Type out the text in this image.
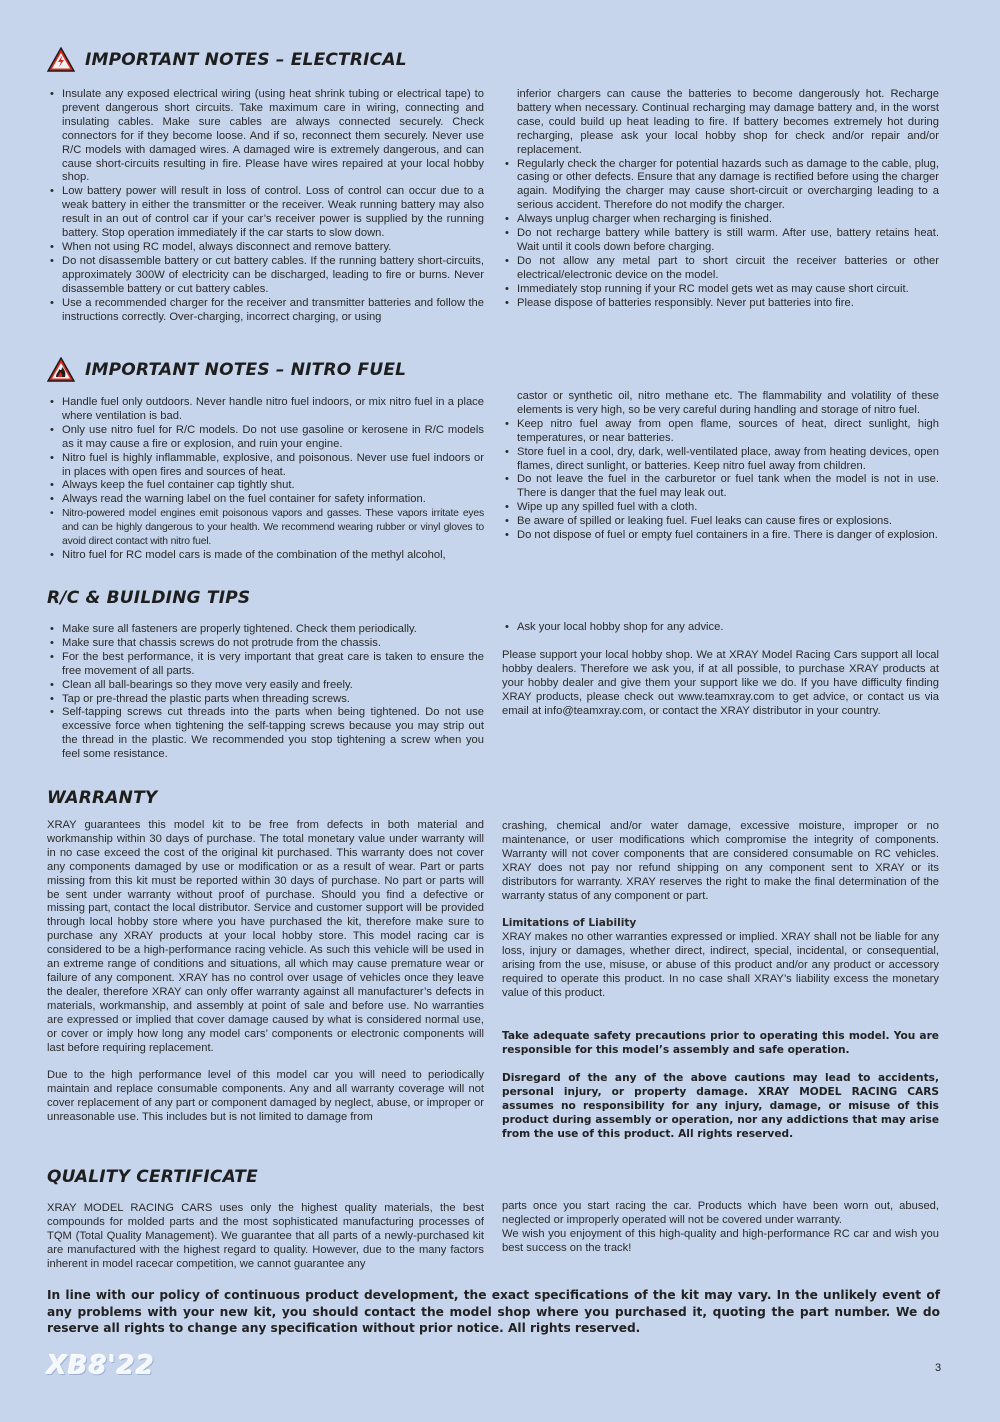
IMPORTANT NOTES – ELECTRICAL
• Insulate any exposed electrical wiring (using heat shrink tubing or electrical tape) to prevent dangerous short circuits. Take maximum care in wiring, connecting and insulating cables. Make sure cables are always connected securely. Check connectors for if they become loose. And if so, reconnect them securely. Never use R/C models with damaged wires. A damaged wire is extremely dangerous, and can cause short-circuits resulting in fire. Please have wires repaired at your local hobby shop.
• Low battery power will result in loss of control. Loss of control can occur due to a weak battery in either the transmitter or the receiver. Weak running battery may also result in an out of control car if your car’s receiver power is supplied by the running battery. Stop operation immediately if the car starts to slow down.
• When not using RC model, always disconnect and remove battery.
• Do not disassemble battery or cut battery cables. If the running battery short-circuits, approximately 300W of electricity can be discharged, leading to fire or burns. Never disassemble battery or cut battery cables.
• Use a recommended charger for the receiver and transmitter batteries and follow the instructions correctly. Over-charging, incorrect charging, or using
inferior chargers can cause the batteries to become dangerously hot. Recharge battery when necessary. Continual recharging may damage battery and, in the worst case, could build up heat leading to fire. If battery becomes extremely hot during recharging, please ask your local hobby shop for check and/or repair and/or replacement.
• Regularly check the charger for potential hazards such as damage to the cable, plug, casing or other defects. Ensure that any damage is rectified before using the charger again. Modifying the charger may cause short-circuit or overcharging leading to a serious accident. Therefore do not modify the charger.
• Always unplug charger when recharging is finished.
• Do not recharge battery while battery is still warm. After use, battery retains heat. Wait until it cools down before charging.
• Do not allow any metal part to short circuit the receiver batteries or other electrical/electronic device on the model.
• Immediately stop running if your RC model gets wet as may cause short circuit.
• Please dispose of batteries responsibly. Never put batteries into fire.
IMPORTANT NOTES – NITRO FUEL
• Handle fuel only outdoors. Never handle nitro fuel indoors, or mix nitro fuel in a place where ventilation is bad.
• Only use nitro fuel for R/C models. Do not use gasoline or kerosene in R/C models as it may cause a fire or explosion, and ruin your engine.
• Nitro fuel is highly inflammable, explosive, and poisonous. Never use fuel indoors or in places with open fires and sources of heat.
• Always keep the fuel container cap tightly shut.
• Always read the warning label on the fuel container for safety information.
• Nitro-powered model engines emit poisonous vapors and gasses. These vapors irritate eyes and can be highly dangerous to your health. We recommend wearing rubber or vinyl gloves to avoid direct contact with nitro fuel.
• Nitro fuel for RC model cars is made of the combination of the methyl alcohol,
castor or synthetic oil, nitro methane etc. The flammability and volatility of these elements is very high, so be very careful during handling and storage of nitro fuel.
• Keep nitro fuel away from open flame, sources of heat, direct sunlight, high temperatures, or near batteries.
• Store fuel in a cool, dry, dark, well-ventilated place, away from heating devices, open flames, direct sunlight, or batteries. Keep nitro fuel away from children.
• Do not leave the fuel in the carburetor or fuel tank when the model is not in use. There is danger that the fuel may leak out.
• Wipe up any spilled fuel with a cloth.
• Be aware of spilled or leaking fuel. Fuel leaks can cause fires or explosions.
• Do not dispose of fuel or empty fuel containers in a fire. There is danger of explosion.
R/C & BUILDING TIPS
• Make sure all fasteners are properly tightened. Check them periodically.
• Make sure that chassis screws do not protrude from the chassis.
• For the best performance, it is very important that great care is taken to ensure the free movement of all parts.
• Clean all ball-bearings so they move very easily and freely.
• Tap or pre-thread the plastic parts when threading screws.
• Self-tapping screws cut threads into the parts when being tightened. Do not use excessive force when tightening the self-tapping screws because you may strip out the thread in the plastic. We recommended you stop tightening a screw when you feel some resistance.
• Ask your local hobby shop for any advice.

Please support your local hobby shop. We at XRAY Model Racing Cars support all local hobby dealers. Therefore we ask you, if at all possible, to purchase XRAY products at your hobby dealer and give them your support like we do. If you have difficulty finding XRAY products, please check out www.teamxray.com to get advice, or contact us via email at info@teamxray.com, or contact the XRAY distributor in your country.

WARRANTY

XRAY guarantees this model kit to be free from defects in both material and workmanship within 30 days of purchase. The total monetary value under warranty will in no case exceed the cost of the original kit purchased. This warranty does not cover any components damaged by use or modification or as a result of wear. Part or parts missing from this kit must be reported within 30 days of purchase. No part or parts will be sent under warranty without proof of purchase. Should you find a defective or missing part, contact the local distributor. Service and customer support will be provided through local hobby store where you have purchased the kit, therefore make sure to purchase any XRAY products at your local hobby store. This model racing car is considered to be a high-performance racing vehicle. As such this vehicle will be used in an extreme range of conditions and situations, all which may cause premature wear or failure of any component. XRAY has no control over usage of vehicles once they leave the dealer, therefore XRAY can only offer warranty against all manufacturer’s defects in materials, workmanship, and assembly at point of sale and before use. No warranties are expressed or implied that cover damage caused by what is considered normal use, or cover or imply how long any model cars’ components or electronic components will last before requiring replacement.

Due to the high performance level of this model car you will need to periodically maintain and replace consumable components. Any and all warranty coverage will not cover replacement of any part or component damaged by neglect, abuse, or improper or unreasonable use. This includes but is not limited to damage from

crashing, chemical and/or water damage, excessive moisture, improper or no maintenance, or user modifications which compromise the integrity of components. Warranty will not cover components that are considered consumable on RC vehicles. XRAY does not pay nor refund shipping on any component sent to XRAY or its distributors for warranty. XRAY reserves the right to make the final determination of the warranty status of any component or part.

Limitations of Liability

XRAY makes no other warranties expressed or implied. XRAY shall not be liable for any loss, injury or damages, whether direct, indirect, special, incidental, or consequential, arising from the use, misuse, or abuse of this product and/or any product or accessory required to operate this product. In no case shall XRAY’s liability excess the monetary value of this product.

Take adequate safety precautions prior to operating this model. You are responsible for this model’s assembly and safe operation.

Disregard of the any of the above cautions may lead to accidents, personal injury, or property damage. XRAY MODEL RACING CARS assumes no responsibility for any injury, damage, or misuse of this product during assembly or operation, nor any addictions that may arise from the use of this product. All rights reserved.

QUALITY CERTIFICATE

XRAY MODEL RACING CARS uses only the highest quality materials, the best compounds for molded parts and the most sophisticated manufacturing processes of TQM (Total Quality Management). We guarantee that all parts of a newly-purchased kit are manufactured with the highest regard to quality. However, due to the many factors inherent in model racecar competition, we cannot guarantee any

parts once you start racing the car. Products which have been worn out, abused, neglected or improperly operated will not be covered under warranty.

We wish you enjoyment of this high-quality and high-performance RC car and wish you best success on the track!

In line with our policy of continuous product development, the exact specifications of the kit may vary. In the unlikely event of any problems with your new kit, you should contact the model shop where you purchased it, quoting the part number. We do reserve all rights to change any specification without prior notice. All rights reserved.

XB8'22	3
